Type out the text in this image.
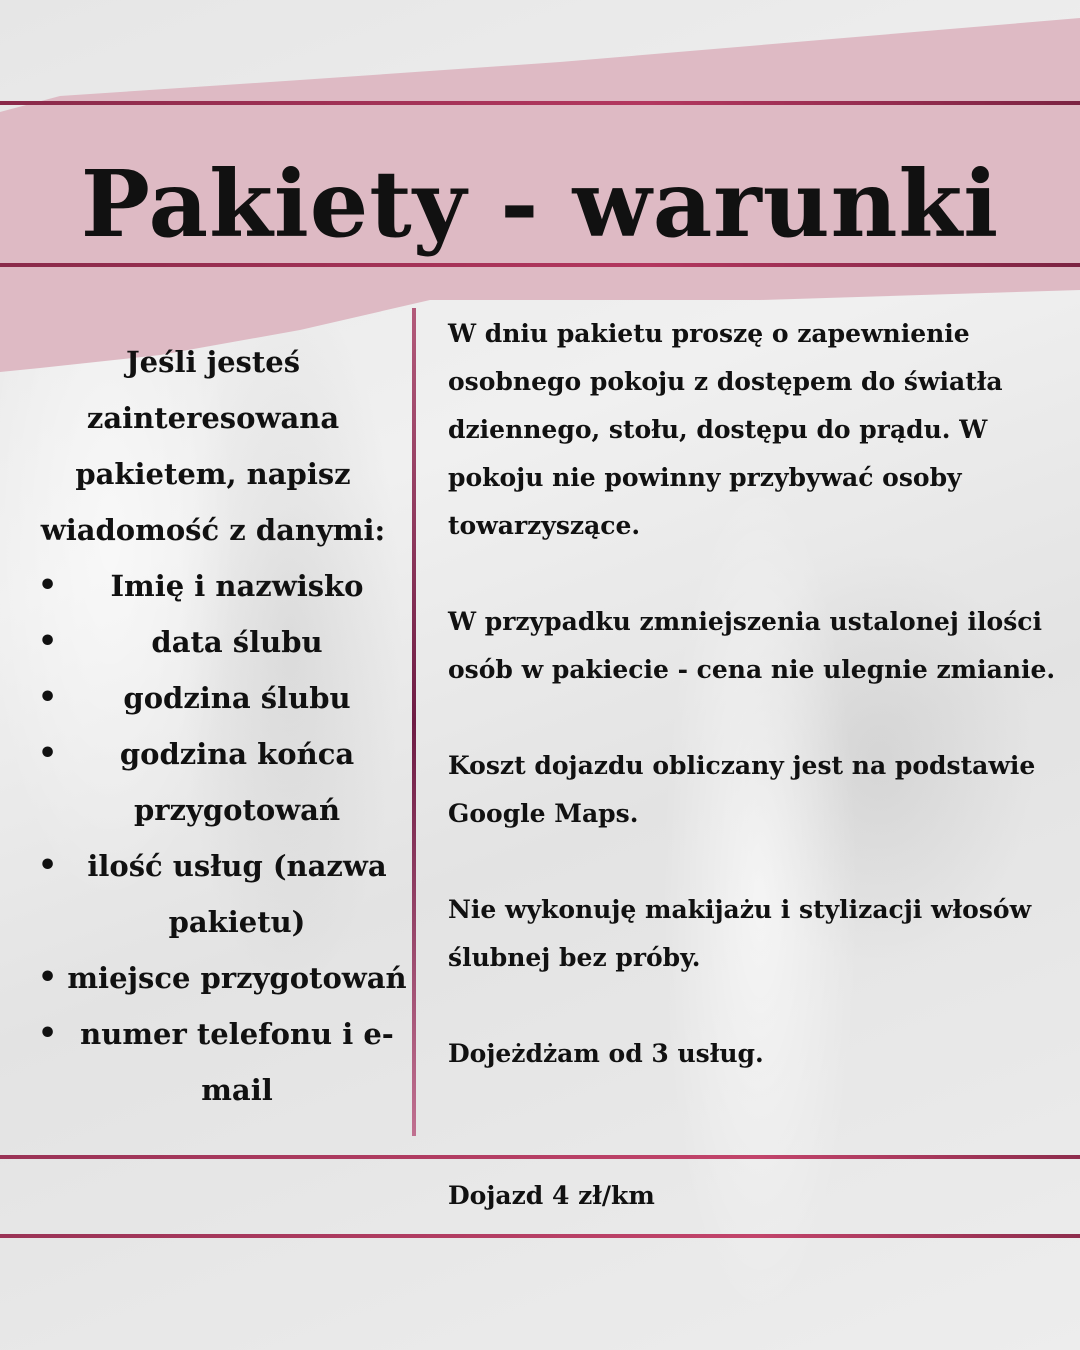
Pakiety - warunki

Jeśli jesteś zainteresowana pakietem, napisz wiadomość z danymi:

• Imię i nazwisko
•	data ślubu
• godzina ślubu
• godzina końca przygotowań
• ilość usług (nazwa pakietu)
• miejsce przygotowań
• numer telefonu i e-mail

W dniu pakietu proszę o zapewnienie osobnego pokoju z dostępem do światła dziennego, stołu, dostępu do prądu. W pokoju nie powinny przybywać osoby towarzyszące.

W przypadku zmniejszenia ustalonej ilości osób w pakiecie - cena nie ulegnie zmianie.

Koszt dojazdu obliczany jest na podstawie Google Maps.

Nie wykonuję makijażu i stylizacji włosów ślubnej bez próby.

Dojeżdżam od 3 usług.

Dojazd 4 zł/km
